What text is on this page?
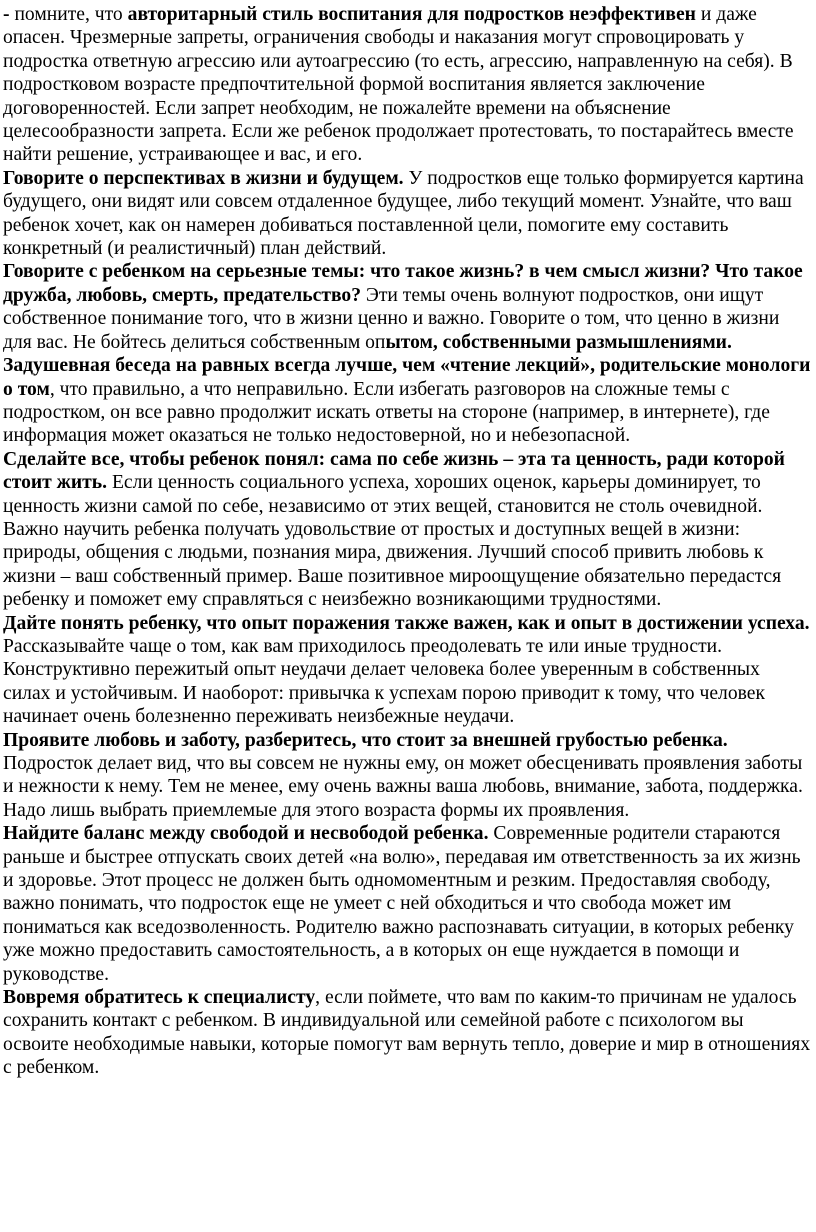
- помните, что авторитарный стиль воспитания для подростков неэффективен и даже опасен. Чрезмерные запреты, ограничения свободы и наказания могут спровоцировать у подростка ответную агрессию или аутоагрессию (то есть, агрессию, направленную на себя). В подростковом возрасте предпочтительной формой воспитания является заключение договоренностей. Если запрет необходим, не пожалейте времени на объяснение целесообразности запрета. Если же ребенок продолжает протестовать, то постарайтесь вместе найти решение, устраивающее и вас, и его.

Говорите о перспективах в жизни и будущем. У подростков еще только формируется картина будущего, они видят или совсем отдаленное будущее, либо текущий момент. Узнайте, что ваш ребенок хочет, как он намерен добиваться поставленной цели, помогите ему составить конкретный (и реалистичный) план действий.

Говорите с ребенком на серьезные темы: что такое жизнь? в чем смысл жизни? Что такое дружба, любовь, смерть, предательство? Эти темы очень волнуют подростков, они ищут собственное понимание того, что в жизни ценно и важно. Говорите о том, что ценно в жизни для вас. Не бойтесь делиться собственным опытом, собственными размышлениями. Задушевная беседа на равных всегда лучше, чем «чтение лекций», родительские монологи о том, что правильно, а что неправильно. Если избегать разговоров на сложные темы с подростком, он все равно продолжит искать ответы на стороне (например, в интернете), где информация может оказаться не только недостоверной, но и небезопасной.

Сделайте все, чтобы ребенок понял: сама по себе жизнь – эта та ценность, ради которой стоит жить. Если ценность социального успеха, хороших оценок, карьеры доминирует, то ценность жизни самой по себе, независимо от этих вещей, становится не столь очевидной. Важно научить ребенка получать удовольствие от простых и доступных вещей в жизни: природы, общения с людьми, познания мира, движения. Лучший способ привить любовь к жизни – ваш собственный пример. Ваше позитивное мироощущение обязательно передастся ребенку и поможет ему справляться с неизбежно возникающими трудностями.

Дайте понять ребенку, что опыт поражения также важен, как и опыт в достижении успеха. Рассказывайте чаще о том, как вам приходилось преодолевать те или иные трудности. Конструктивно пережитый опыт неудачи делает человека более уверенным в собственных силах и устойчивым. И наоборот: привычка к успехам порою приводит к тому, что человек начинает очень болезненно переживать неизбежные неудачи.

Проявите любовь и заботу, разберитесь, что стоит за внешней грубостью ребенка. Подросток делает вид, что вы совсем не нужны ему, он может обесценивать проявления заботы и нежности к нему. Тем не менее, ему очень важны ваша любовь, внимание, забота, поддержка. Надо лишь выбрать приемлемые для этого возраста формы их проявления.

Найдите баланс между свободой и несвободой ребенка. Современные родители стараются раньше и быстрее отпускать своих детей «на волю», передавая им ответственность за их жизнь и здоровье. Этот процесс не должен быть одномоментным и резким. Предоставляя свободу, важно понимать, что подросток еще не умеет с ней обходиться и что свобода может им пониматься как вседозволенность. Родителю важно распознавать ситуации, в которых ребенку уже можно предоставить самостоятельность, а в которых он еще нуждается в помощи и руководстве.

Вовремя обратитесь к специалисту, если поймете, что вам по каким-то причинам не удалось сохранить контакт с ребенком. В индивидуальной или семейной работе с психологом вы освоите необходимые навыки, которые помогут вам вернуть тепло, доверие и мир в отношениях с ребенком.
